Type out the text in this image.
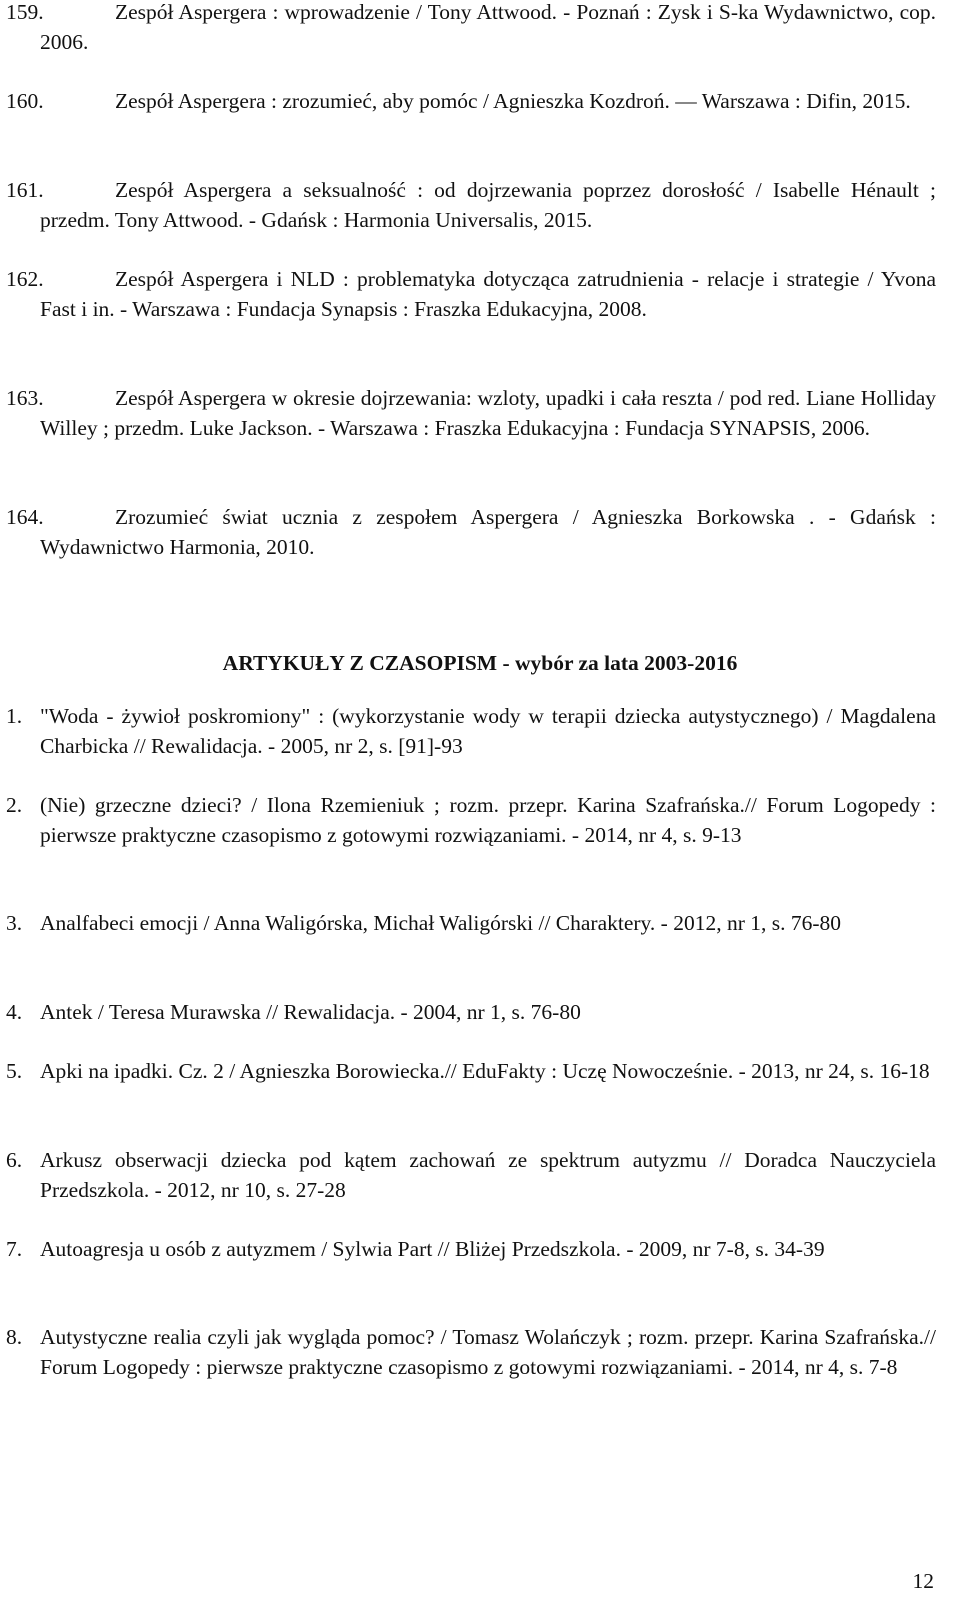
159.	Zespół Aspergera : wprowadzenie / Tony Attwood. - Poznań : Zysk i S-ka Wydawnictwo, cop. 2006.
160.	Zespół Aspergera : zrozumieć, aby pomóc / Agnieszka Kozdroń. — Warszawa : Difin, 2015.
161.	Zespół Aspergera a seksualność : od dojrzewania poprzez dorosłość / Isabelle Hénault ; przedm. Tony Attwood. - Gdańsk : Harmonia Universalis, 2015.
162.	Zespół Aspergera i NLD : problematyka dotycząca zatrudnienia - relacje i strategie / Yvona Fast i in. - Warszawa : Fundacja Synapsis : Fraszka Edukacyjna, 2008.
163.	Zespół Aspergera w okresie dojrzewania: wzloty, upadki i cała reszta / pod red. Liane Holliday Willey ; przedm. Luke Jackson. - Warszawa : Fraszka Edukacyjna : Fundacja SYNAPSIS, 2006.
164.	Zrozumieć świat ucznia z zespołem Aspergera / Agnieszka Borkowska . - Gdańsk : Wydawnictwo Harmonia, 2010.
ARTYKUŁY Z CZASOPISM - wybór za lata 2003-2016
1. "Woda - żywioł poskromiony" : (wykorzystanie wody w terapii dziecka autystycznego) / Magdalena Charbicka // Rewalidacja. - 2005, nr 2, s. [91]-93
2. (Nie) grzeczne dzieci? / Ilona Rzemieniuk ; rozm. przepr. Karina Szafrańska.// Forum Logopedy : pierwsze praktyczne czasopismo z gotowymi rozwiązaniami. - 2014, nr 4, s. 9-13
3. Analfabeci emocji / Anna Waligórska, Michał Waligórski // Charaktery. - 2012, nr 1, s. 76-80
4. Antek / Teresa Murawska // Rewalidacja. - 2004, nr 1, s. 76-80
5. Apki na ipadki. Cz. 2 / Agnieszka Borowiecka.// EduFakty : Uczę Nowocześnie. - 2013, nr 24, s. 16-18
6. Arkusz obserwacji dziecka pod kątem zachowań ze spektrum autyzmu // Doradca Nauczyciela Przedszkola. - 2012, nr 10, s. 27-28
7. Autoagresja u osób z autyzmem / Sylwia Part // Bliżej Przedszkola. - 2009, nr 7-8, s. 34-39
8. Autystyczne realia czyli jak wygląda pomoc? / Tomasz Wolańczyk ; rozm. przepr. Karina Szafrańska.// Forum Logopedy : pierwsze praktyczne czasopismo z gotowymi rozwiązaniami. - 2014, nr 4, s. 7-8
12
